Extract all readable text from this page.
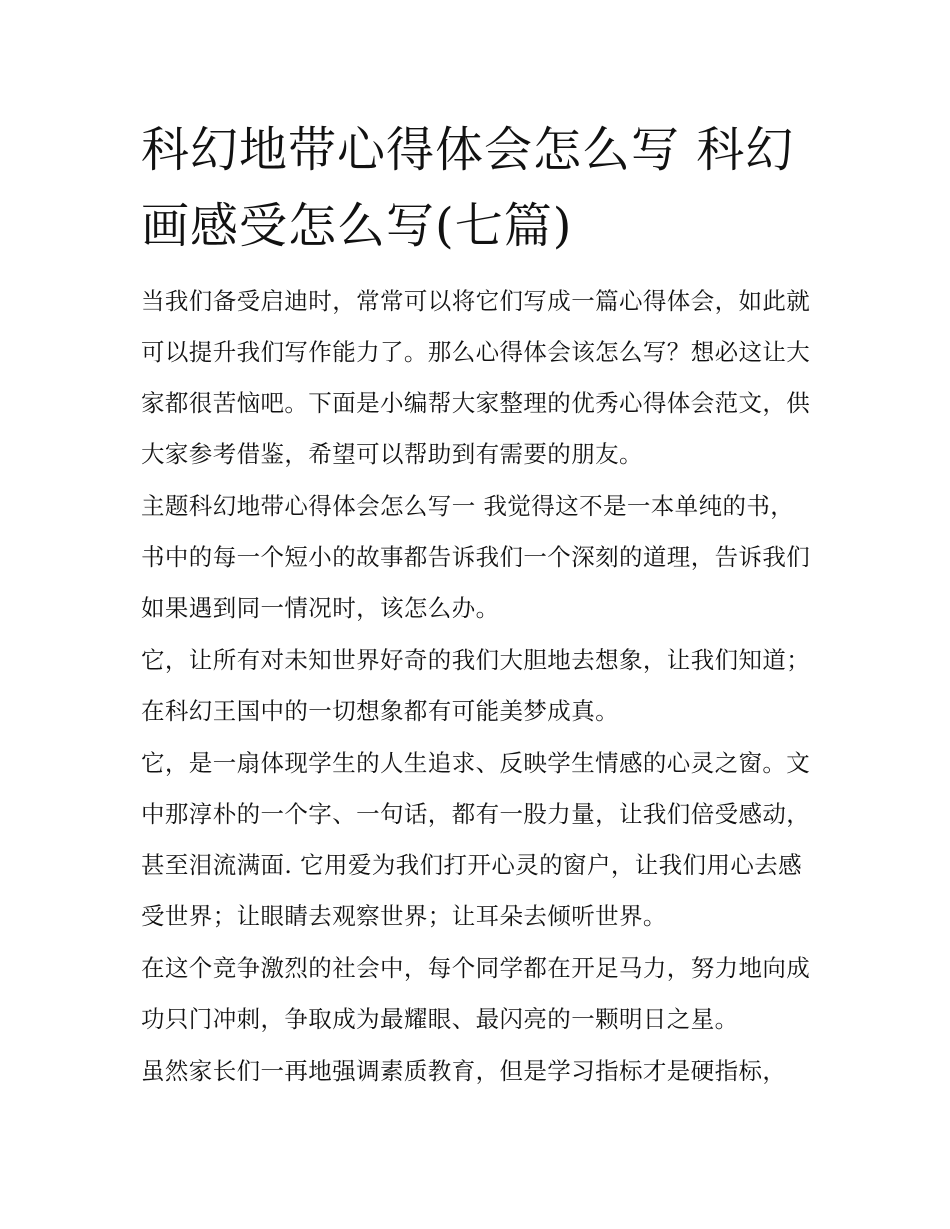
科幻地带心得体会怎么写 科幻画感受怎么写(七篇)

当我们备受启迪时，常常可以将它们写成一篇心得体会，如此就可以提升我们写作能力了。那么心得体会该怎么写？想必这让大家都很苦恼吧。下面是小编帮大家整理的优秀心得体会范文，供大家参考借鉴，希望可以帮助到有需要的朋友。

主题科幻地带心得体会怎么写一 我觉得这不是一本单纯的书，书中的每一个短小的故事都告诉我们一个深刻的道理，告诉我们如果遇到同一情况时，该怎么办。

它，让所有对未知世界好奇的我们大胆地去想象，让我们知道；在科幻王国中的一切想象都有可能美梦成真。

它，是一扇体现学生的人生追求、反映学生情感的心灵之窗。文中那淳朴的一个字、一句话，都有一股力量，让我们倍受感动，甚至泪流满面. 它用爱为我们打开心灵的窗户，让我们用心去感受世界；让眼睛去观察世界；让耳朵去倾听世界。

在这个竞争激烈的社会中，每个同学都在开足马力，努力地向成功只门冲刺，争取成为最耀眼、最闪亮的一颗明日之星。

虽然家长们一再地强调素质教育，但是学习指标才是硬指标，
